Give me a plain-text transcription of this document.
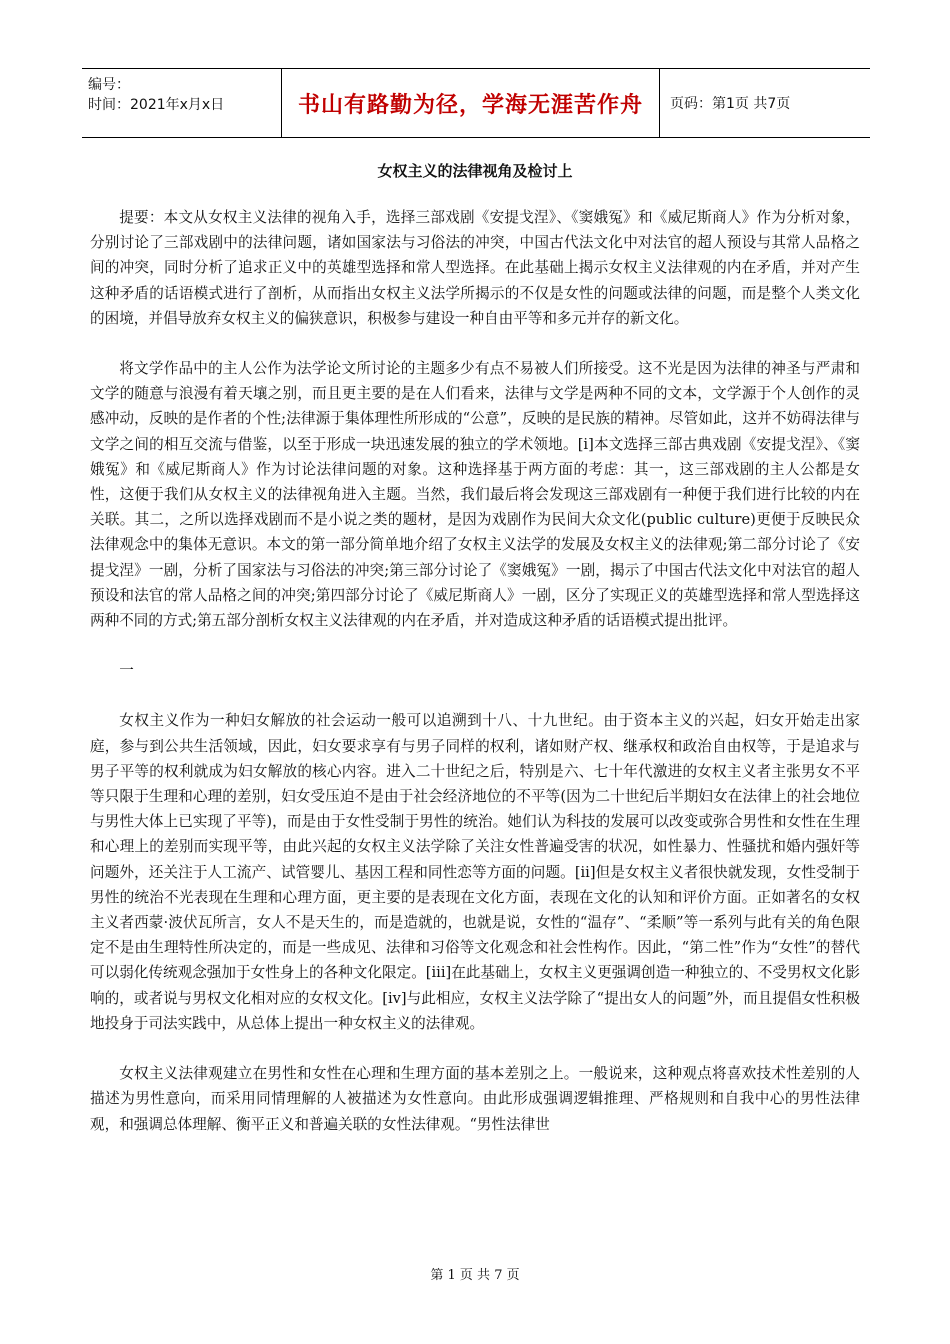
编号：
时间：2021年x月x日	书山有路勤为径，学海无涯苦作舟 页码：第1页 共7页
女权主义的法律视角及检讨上

提要：本文从女权主义法律的视角入手，选择三部戏剧《安提戈涅》、《窦娥冤》和《威尼斯商人》作为分析对象，分别讨论了三部戏剧中的法律问题，诸如国家法与习俗法的冲突，中国古代法文化中对法官的超人预设与其常人品格之间的冲突，同时分析了追求正义中的英雄型选择和常人型选择。在此基础上揭示女权主义法律观的内在矛盾，并对产生这种矛盾的话语模式进行了剖析，从而指出女权主义法学所揭示的不仅是女性的问题或法律的问题，而是整个人类文化的困境，并倡导放弃女权主义的偏狭意识，积极参与建设一种自由平等和多元并存的新文化。

将文学作品中的主人公作为法学论文所讨论的主题多少有点不易被人们所接受。这不光是因为法律的神圣与严肃和文学的随意与浪漫有着天壤之别，而且更主要的是在人们看来，法律与文学是两种不同的文本，文学源于个人创作的灵感冲动，反映的是作者的个性;法律源于集体理性所形成的“公意”，反映的是民族的精神。尽管如此，这并不妨碍法律与文学之间的相互交流与借鉴，以至于形成一块迅速发展的独立的学术领地。[i]本文选择三部古典戏剧《安提戈涅》、《窦娥冤》和《威尼斯商人》作为讨论法律问题的对象。这种选择基于两方面的考虑：其一，这三部戏剧的主人公都是女性，这便于我们从女权主义的法律视角进入主题。当然，我们最后将会发现这三部戏剧有一种便于我们进行比较的内在关联。其二，之所以选择戏剧而不是小说之类的题材，是因为戏剧作为民间大众文化(public culture)更便于反映民众法律观念中的集体无意识。本文的第一部分简单地介绍了女权主义法学的发展及女权主义的法律观;第二部分讨论了《安提戈涅》一剧，分析了国家法与习俗法的冲突;第三部分讨论了《窦娥冤》一剧，揭示了中国古代法文化中对法官的超人预设和法官的常人品格之间的冲突;第四部分讨论了《威尼斯商人》一剧，区分了实现正义的英雄型选择和常人型选择这两种不同的方式;第五部分剖析女权主义法律观的内在矛盾，并对造成这种矛盾的话语模式提出批评。

一

女权主义作为一种妇女解放的社会运动一般可以追溯到十八、十九世纪。由于资本主义的兴起，妇女开始走出家庭，参与到公共生活领域，因此，妇女要求享有与男子同样的权利，诸如财产权、继承权和政治自由权等，于是追求与男子平等的权利就成为妇女解放的核心内容。进入二十世纪之后，特别是六、七十年代激进的女权主义者主张男女不平等只限于生理和心理的差别，妇女受压迫不是由于社会经济地位的不平等(因为二十世纪后半期妇女在法律上的社会地位与男性大体上已实现了平等)，而是由于女性受制于男性的统治。她们认为科技的发展可以改变或弥合男性和女性在生理和心理上的差别而实现平等，由此兴起的女权主义法学除了关注女性普遍受害的状况，如性暴力、性骚扰和婚内强奸等问题外，还关注于人工流产、试管婴儿、基因工程和同性恋等方面的问题。[ii]但是女权主义者很快就发现，女性受制于男性的统治不光表现在生理和心理方面，更主要的是表现在文化方面，表现在文化的认知和评价方面。正如著名的女权主义者西蒙·波伏瓦所言，女人不是天生的，而是造就的，也就是说，女性的“温存”、“柔顺”等一系列与此有关的角色限定不是由生理特性所决定的，而是一些成见、法律和习俗等文化观念和社会性构作。因此，“第二性”作为“女性”的替代可以弱化传统观念强加于女性身上的各种文化限定。[iii]在此基础上，女权主义更强调创造一种独立的、不受男权文化影响的，或者说与男权文化相对应的女权文化。[iv]与此相应，女权主义法学除了“提出女人的问题”外，而且提倡女性积极地投身于司法实践中，从总体上提出一种女权主义的法律观。

女权主义法律观建立在男性和女性在心理和生理方面的基本差别之上。一般说来，这种观点将喜欢技术性差别的人描述为男性意向，而采用同情理解的人被描述为女性意向。由此形成强调逻辑推理、严格规则和自我中心的男性法律观，和强调总体理解、衡平正义和普遍关联的女性法律观。“男性法律世

第 1 页 共 7 页
